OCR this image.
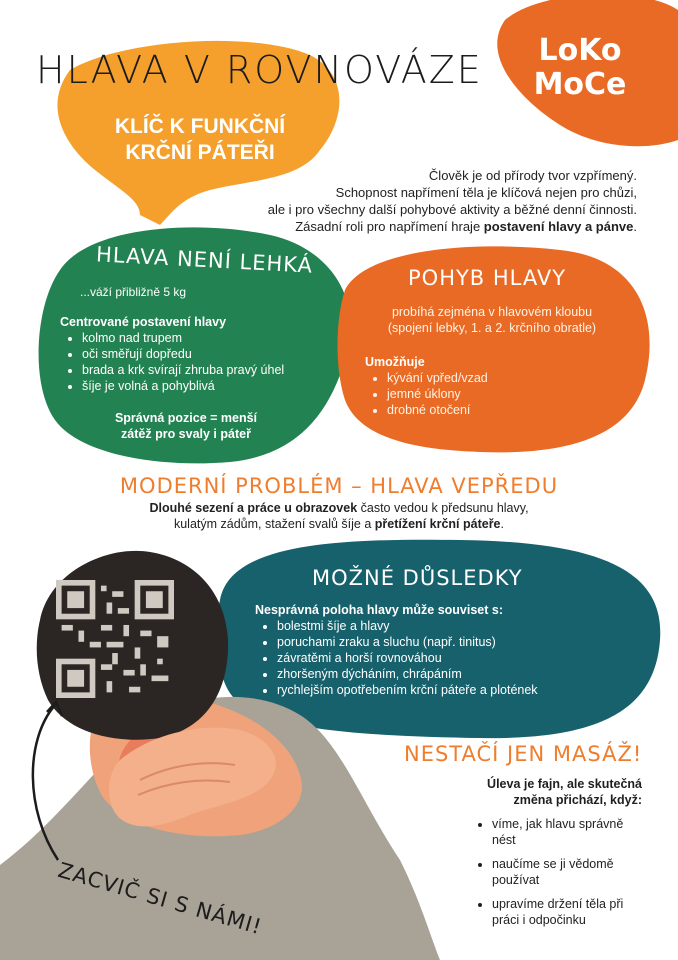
HLAVA V ROVNOVÁZE
KLÍČ K FUNKČNÍ
KRČNÍ PÁTEŘI
LoKo
MoCe
Člověk je od přírody tvor vzpřímený.
Schopnost napřímení těla je klíčová nejen pro chůzi,
ale i pro všechny další pohybové aktivity a běžné denní činnosti.
Zásadní roli pro napřímení hraje postavení hlavy a pánve.
HLAVA NENÍ LEHKÁ
...váží přibližně 5 kg
Centrované postavení hlavy
• kolmo nad trupem
• oči směřují dopředu
• brada a krk svírají zhruba pravý úhel
• šíje je volná a pohyblivá
Správná pozice = menší
zátěž pro svaly i páteř
POHYB HLAVY
probíhá zejména v hlavovém kloubu
(spojení lebky, 1. a 2. krčního obratle)
Umožňuje
• kývání vpřed/vzad
• jemné úklony
• drobné otočení
MODERNÍ PROBLÉM – HLAVA VEPŘEDU
Dlouhé sezení a práce u obrazovek často vedou k předsunu hlavy,
kulatým zádům, stažení svalů šíje a přetížení krční páteře.
MOŽNÉ DŮSLEDKY
Nesprávná poloha hlavy může souviset s:
• bolestmi šíje a hlavy
• poruchami zraku a sluchu (např. tinitus)
• závratěmi a horší rovnováhou
• zhoršeným dýcháním, chrápáním
• rychlejším opotřebením krční páteře a plotének
NESTAČÍ JEN MASÁŽ!
Úleva je fajn, ale skutečná
změna přichází, když:
• víme, jak hlavu správně nést
• naučíme se ji vědomě používat
• upravíme držení těla při práci i odpočinku
ZACVIČ SI S NÁMI!
